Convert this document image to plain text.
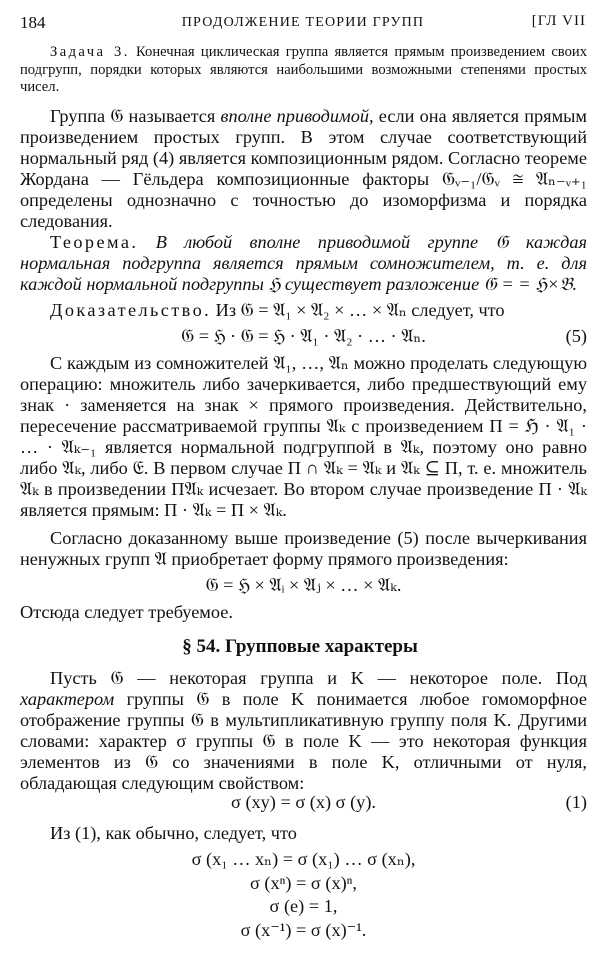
184	ПРОДОЛЖЕНИЕ ТЕОРИИ ГРУПП	[ГЛ VII
Задача 3. Конечная циклическая группа является прямым произведением своих подгрупп, порядки которых являются наибольшими возможными степенями простых чисел.
Группа 𝔊 называется вполне приводимой, если она является прямым произведением простых групп. В этом случае соответствующий нормальный ряд (4) является композиционным рядом. Согласно теореме Жордана — Гёльдера композиционные факторы 𝔊ᵥ₋₁/𝔊ᵥ ≅ 𝔄ₙ₋ᵥ₊₁ определены однозначно с точностью до изоморфизма и порядка следования.
Теорема. В любой вполне приводимой группе 𝔊 каждая нормальная подгруппа является прямым сомножителем, т. е. для каждой нормальной подгруппы ℌ существует разложение 𝔊 = = ℌ×𝔅.
Доказательство. Из 𝔊 = 𝔄₁ × 𝔄₂ × … × 𝔄ₙ следует, что
𝔊 = ℌ · 𝔊 = ℌ · 𝔄₁ · 𝔄₂ · … · 𝔄ₙ.	(5)
С каждым из сомножителей 𝔄₁, …, 𝔄ₙ можно проделать следующую операцию: множитель либо зачеркивается, либо предшествующий ему знак · заменяется на знак × прямого произведения. Действительно, пересечение рассматриваемой группы 𝔄ₖ с произведением Π = ℌ · 𝔄₁ · … · 𝔄ₖ₋₁ является нормальной подгруппой в 𝔄ₖ, поэтому оно равно либо 𝔄ₖ, либо 𝔈. В первом случае Π ∩ 𝔄ₖ = 𝔄ₖ и 𝔄ₖ ⊆ Π, т. е. множитель 𝔄ₖ в произведении Π𝔄ₖ исчезает. Во втором случае произведение Π · 𝔄ₖ является прямым: Π · 𝔄ₖ = Π × 𝔄ₖ.
Согласно доказанному выше произведение (5) после вычеркивания ненужных групп 𝔄 приобретает форму прямого произведения:
𝔊 = ℌ × 𝔄ᵢ × 𝔄ⱼ × … × 𝔄ₖ.
Отсюда следует требуемое.
§ 54. Групповые характеры
Пусть 𝔊 — некоторая группа и K — некоторое поле. Под характером группы 𝔊 в поле K понимается любое гомоморфное отображение группы 𝔊 в мультипликативную группу поля K. Другими словами: характер σ группы 𝔊 в поле K — это некоторая функция элементов из 𝔊 со значениями в поле K, отличными от нуля, обладающая следующим свойством:
σ (xy) = σ (x) σ (y).	(1)
Из (1), как обычно, следует, что
σ (x₁ … xₙ) = σ (x₁) … σ (xₙ),
σ (xⁿ) = σ (x)ⁿ,
σ (e) = 1,
σ (x⁻¹) = σ (x)⁻¹.
